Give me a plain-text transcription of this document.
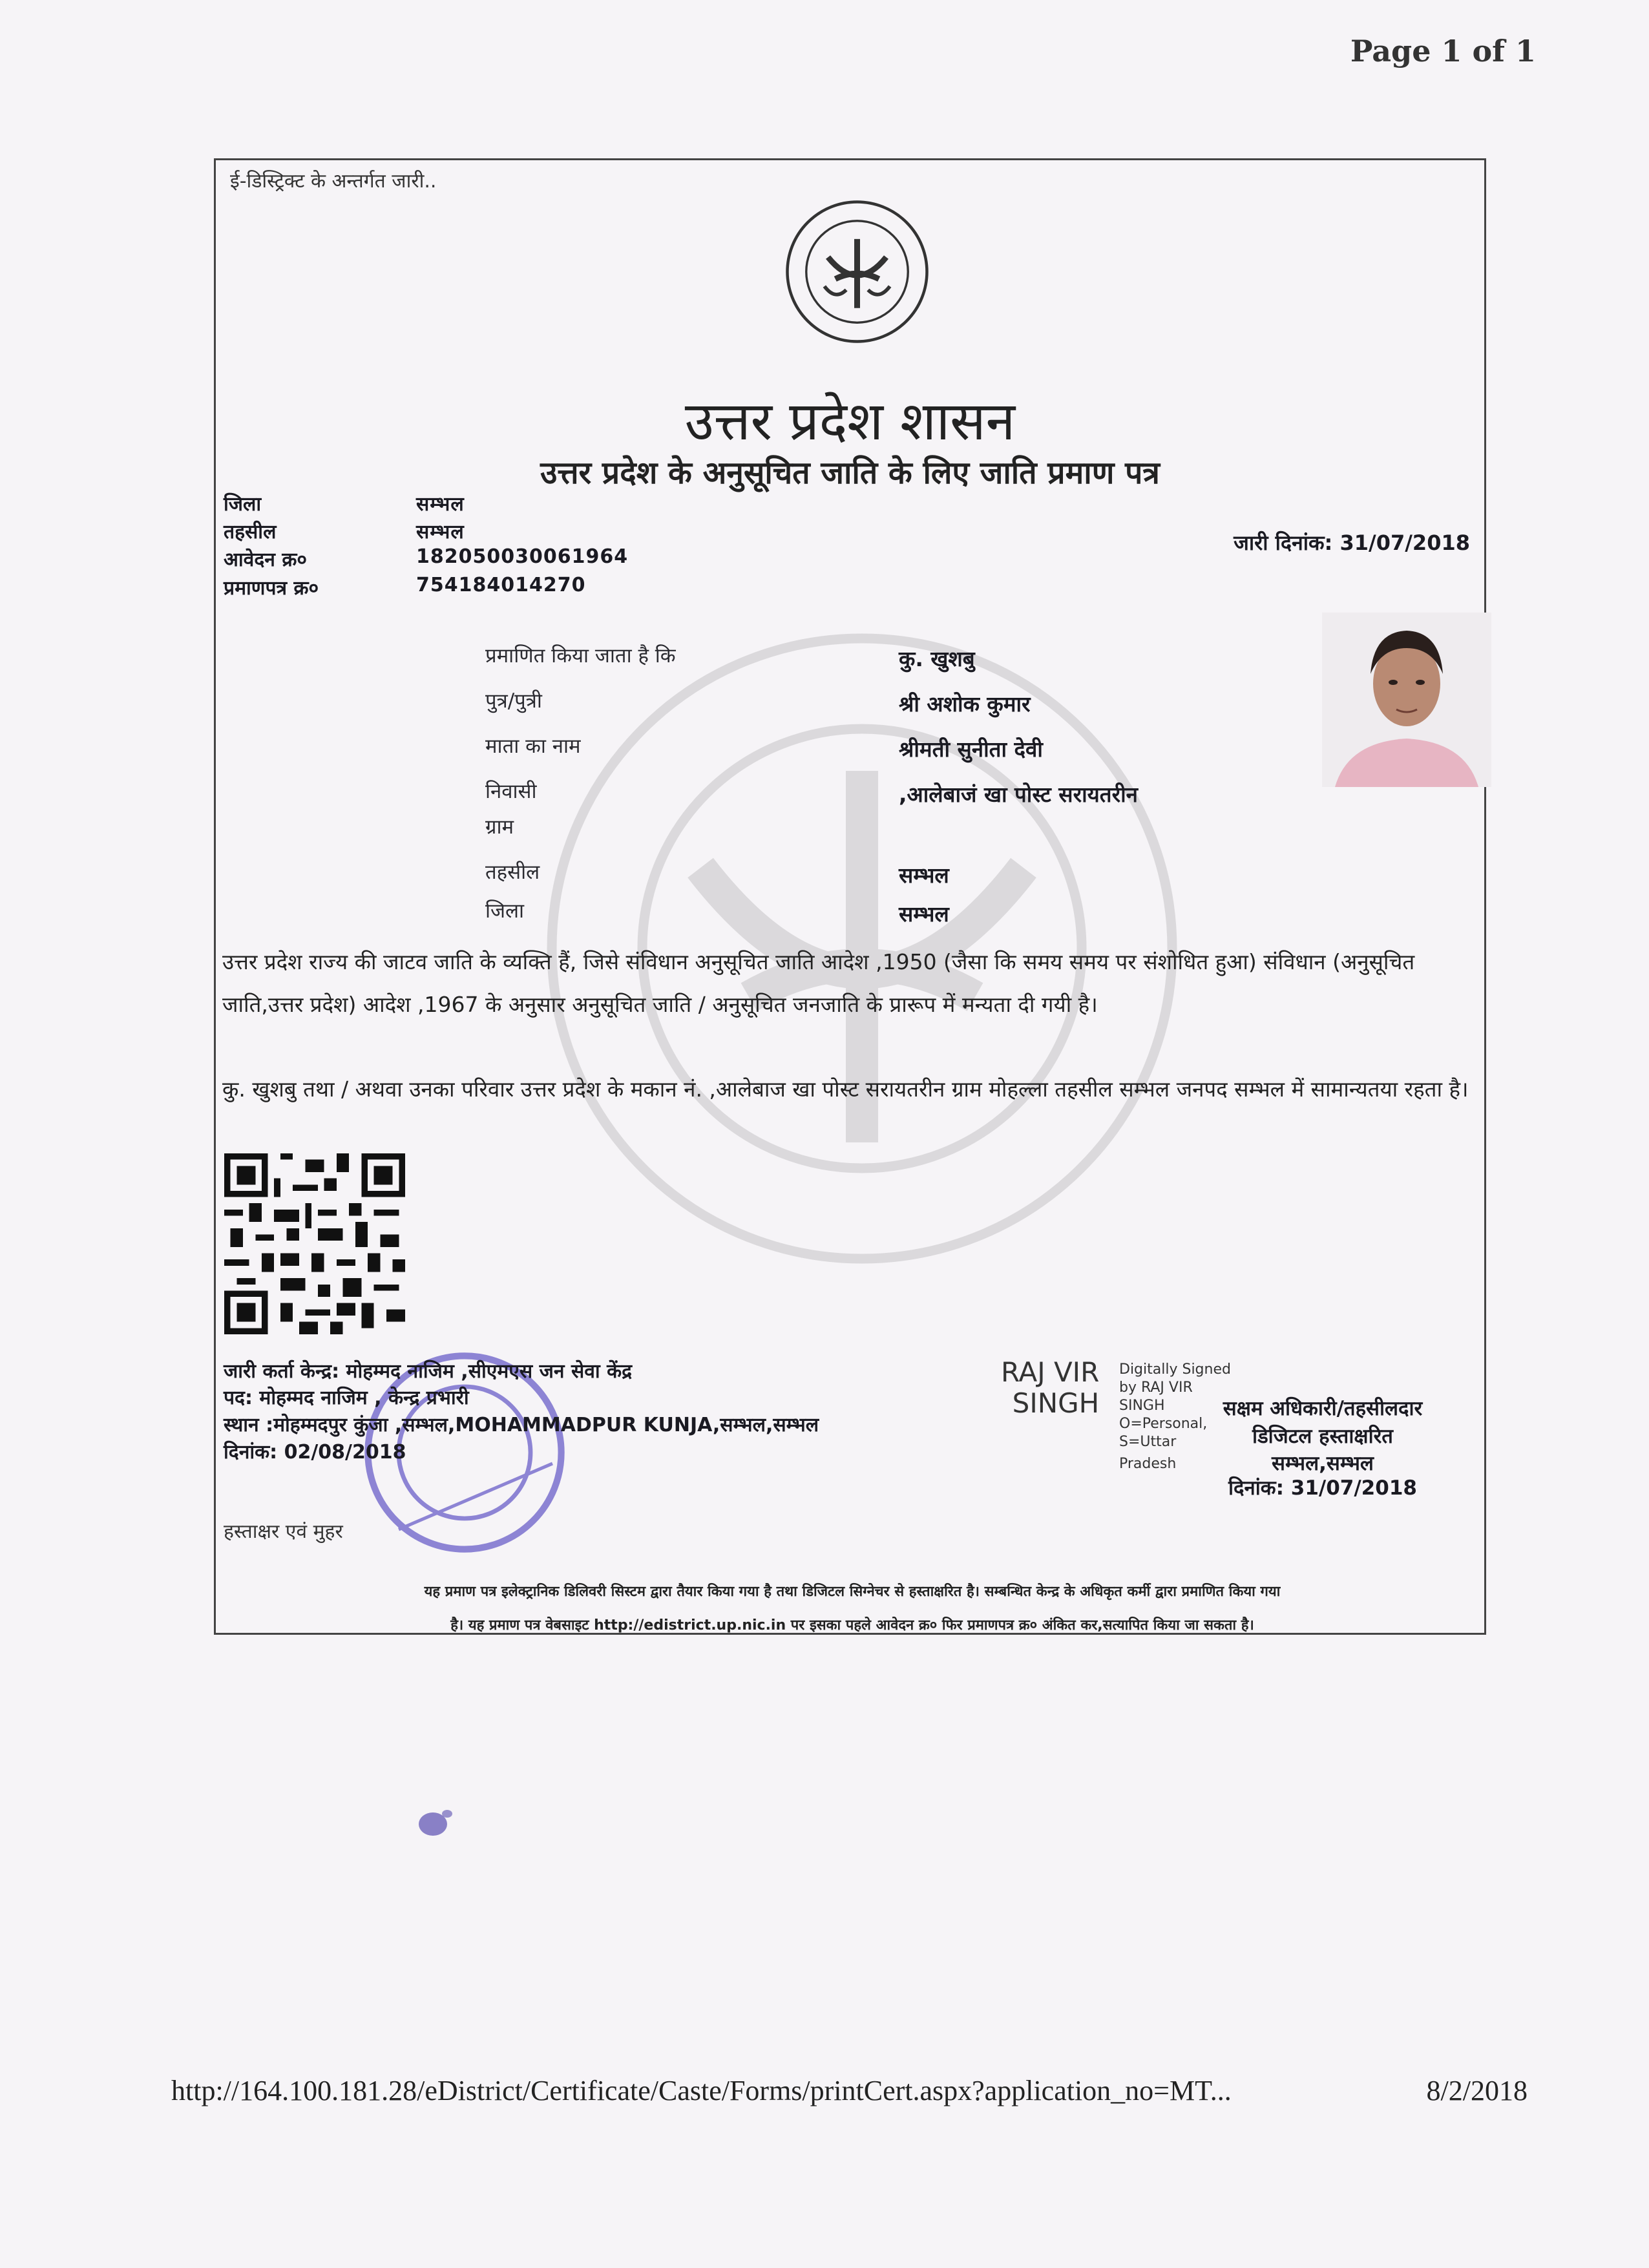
Page 1 of 1
ई-डिस्ट्रिक्ट के अन्तर्गत जारी..
उत्तर प्रदेश शासन
उत्तर प्रदेश के अनुसूचित जाति के लिए जाति प्रमाण पत्र
जिला	सम्भल
तहसील	सम्भल
आवेदन क्र०	182050030061964
प्रमाणपत्र क्र०	754184014270
जारी दिनांक: 31/07/2018
प्रमाणित किया जाता है कि	कु. खुशबु
पुत्र/पुत्री	श्री अशोक कुमार
माता का नाम	श्रीमती सुनीता देवी
निवासी	,आलेबाजं खा पोस्ट सरायतरीन
ग्राम
तहसील	सम्भल
जिला	सम्भल
उत्तर प्रदेश राज्य की जाटव जाति के व्यक्ति हैं, जिसे संविधान अनुसूचित जाति आदेश ,1950 (जैसा कि समय समय पर संशोधित हुआ) संविधान (अनुसूचित जाति,उत्तर प्रदेश) आदेश ,1967 के अनुसार अनुसूचित जाति / अनुसूचित जनजाति के प्रारूप में मन्यता दी गयी है।
कु. खुशबु तथा / अथवा उनका परिवार उत्तर प्रदेश के मकान नं. ,आलेबाज खा पोस्ट सरायतरीन ग्राम मोहल्ला तहसील सम्भल जनपद सम्भल में सामान्यतया रहता है।
जारी कर्ता केन्द्र: मोहम्मद नाजिम ,सीएमएस जन सेवा केंद्र
पद: मोहम्मद नाजिम , केन्द्र प्रभारी
स्थान :मोहम्मदपुर कुंजा ,सम्भल,MOHAMMADPUR KUNJA,सम्भल,सम्भल
दिनांक: 02/08/2018
RAJ VIR
SINGH
Digitally Signed
by RAJ VIR
SINGH
O=Personal,
S=Uttar
Pradesh
सक्षम अधिकारी/तहसीलदार
डिजिटल हस्ताक्षरित
सम्भल,सम्भल
दिनांक: 31/07/2018
हस्ताक्षर एवं मुहर
यह प्रमाण पत्र इलेक्ट्रानिक डिलिवरी सिस्टम द्वारा तैयार किया गया है तथा डिजिटल सिग्नेचर से हस्ताक्षरित है। सम्बन्धित केन्द्र के अधिकृत कर्मी द्वारा प्रमाणित किया गया
है। यह प्रमाण पत्र वेबसाइट http://edistrict.up.nic.in पर इसका पहले आवेदन क्र० फिर प्रमाणपत्र क्र० अंकित कर,सत्यापित किया जा सकता है।
http://164.100.181.28/eDistrict/Certificate/Caste/Forms/printCert.aspx?application_no=MT...	8/2/2018
